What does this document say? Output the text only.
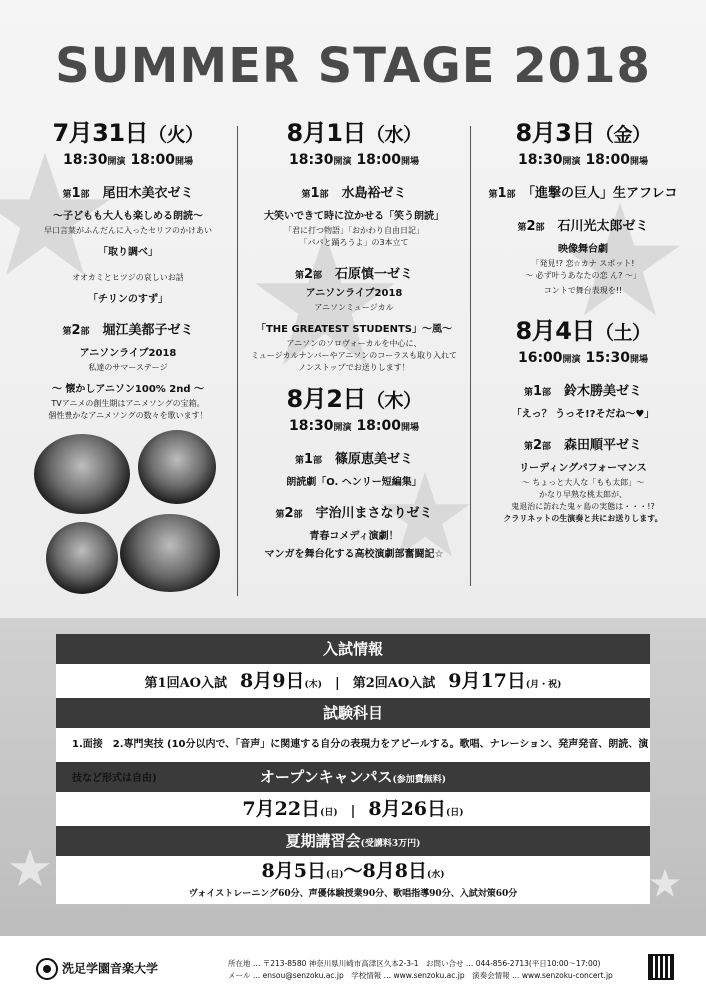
SUMMER STAGE 2018
7月31日（火）
18:30開演 18:00開場
第1部　 尾田木美衣ゼミ
〜子どもも大人も楽しめる朗読〜
早口言葉がふんだんに入ったセリフのかけあい
「取り調べ」
オオカミとヒツジの哀しいお話
「チリンのすず」
第2部　 堀江美都子ゼミ
アニソンライブ2018
私達のサマーステージ
〜 懐かしアニソン100% 2nd 〜
TVアニメの創生期はアニメソングの宝箱。
個性豊かなアニメソングの数々を歌います！
8月1日（水）
18:30開演 18:00開場
第1部　 水島裕ゼミ
大笑いできて時に泣かせる「笑う朗読」
「君に打つ物語」「おかわり自由日記」
「パパと踊ろうよ」の3本立て
第2部　 石原慎一ゼミ
アニソンライブ2018
アニソンミュージカル
「THE GREATEST STUDENTS」〜風〜
アニソンのソロヴォーカルを中心に、
ミュージカルナンバーやアニソンのコーラスも取り入れて
ノンストップでお送りします！
8月2日（木）
18:30開演 18:00開場
第1部　 篠原恵美ゼミ
朗読劇「O. ヘンリー短編集」
第2部　 宇治川まさなりゼミ
青春コメディ演劇！
マンガを舞台化する高校演劇部奮闘記☆
8月3日（金）
18:30開演 18:00開場
第1部　 「進撃の巨人」生アフレコ
第2部　 石川光太郎ゼミ
映像舞台劇
「発見!? 恋☆カナ スポット!
〜 必ず叶うあなたの恋 ん? 〜」
コントで舞台表現を!!
8月4日（土）
16:00開演 15:30開場
第1部　 鈴木勝美ゼミ
「えっ？ うっそ!?そだね〜♥」
第2部　 森田順平ゼミ
リーディングパフォーマンス
〜 ちょっと大人な「もも太郎」〜
かなり早熟な桃太郎が、
鬼退治に訪れた鬼ヶ島の実態は・・・!?
クラリネットの生演奏と共にお送りします。
入試情報
第1回AO入試　 8月9日(木)　|　第2回AO入試　 9月17日(月・祝)
試験科目
1.面接　2.専門実技 (10分以内で、「音声」に関連する自分の表現力をアピールする。歌唱、ナレーション、発声発音、朗読、演技など形式は自由)	オープンキャンパス(参加費無料)
7月22日(日)　|　8月26日(日)
夏期講習会(受講料3万円)
8月5日(日)〜8月8日(水)
ヴォイストレーニング60分、声優体験授業90分、歌唱指導90分、入試対策60分
洗足学園音楽大学	所在地 … 〒213-8580 神奈川県川崎市高津区久本2-3-1　お問い合せ … 044-856-2713(平日10:00〜17:00)
メール … ensou@senzoku.ac.jp　学校情報 … www.senzoku.ac.jp　演奏会情報 … www.senzoku-concert.jp
